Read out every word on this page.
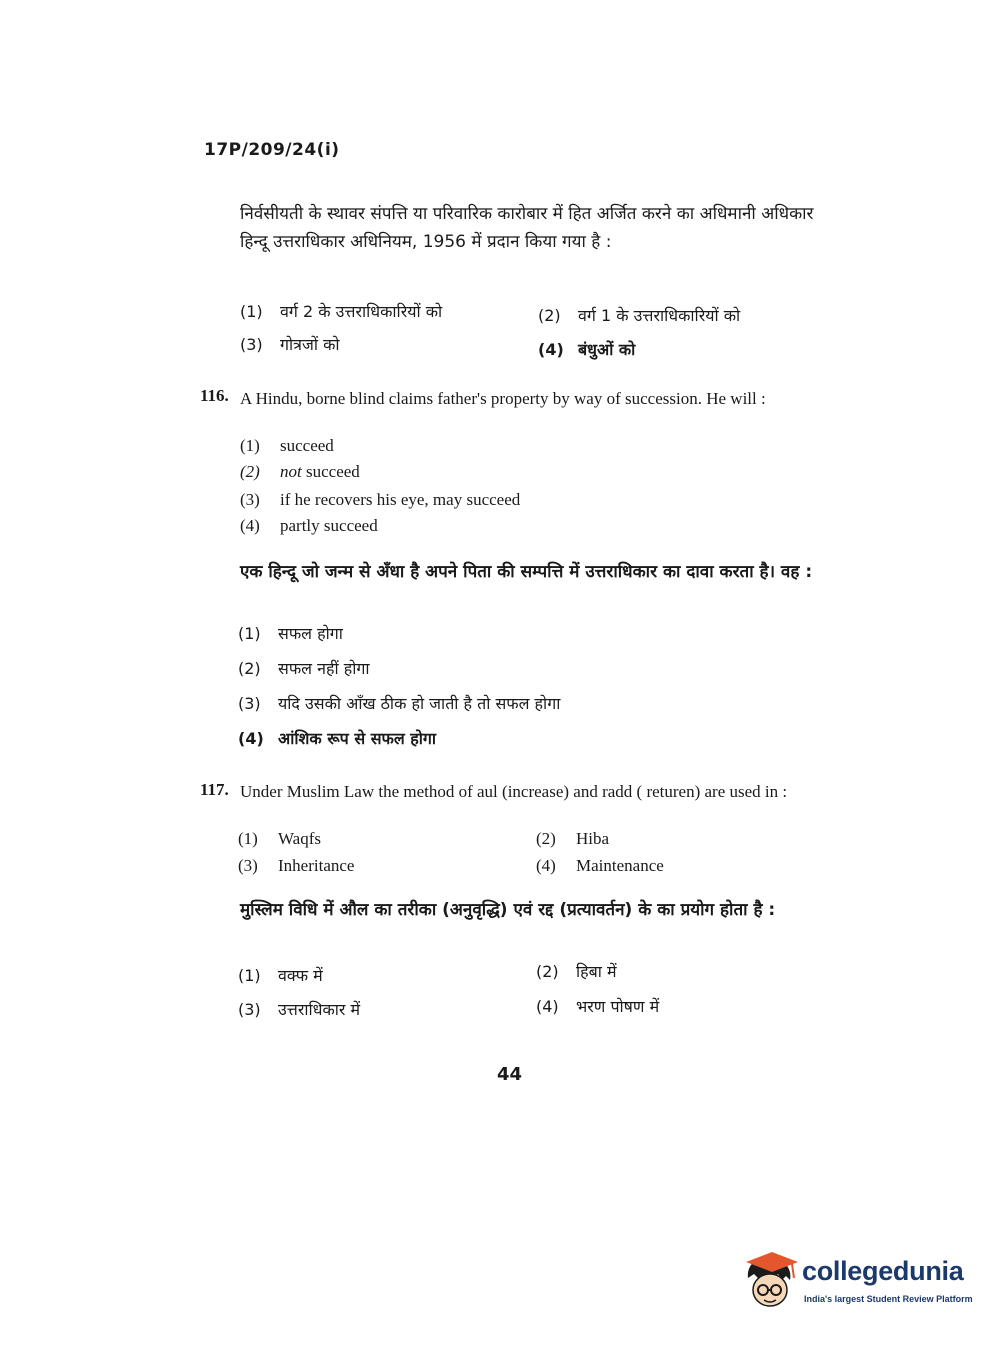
17P/209/24(i)
निर्वसीयती के स्थावर संपत्ति या परिवारिक कारोबार में हित अर्जित करने का अधिमानी अधिकार हिन्दू उत्तराधिकार अधिनियम, 1956 में प्रदान किया गया है :
(1) वर्ग 2 के उत्तराधिकारियों को	(2) वर्ग 1 के उत्तराधिकारियों को
(3) गोत्रजों को	(4) बंधुओं को
116. A Hindu, borne blind claims father's property by way of succession. He will :
(1) succeed
(2) not succeed
(3) if he recovers his eye, may succeed
(4) partly succeed
एक हिन्दू जो जन्म से अँधा है अपने पिता की सम्पत्ति में उत्तराधिकार का दावा करता है। वह :
(1) सफल होगा
(2) सफल नहीं होगा
(3) यदि उसकी आँख ठीक हो जाती है तो सफल होगा
(4) आंशिक रूप से सफल होगा
117. Under Muslim Law the method of aul (increase) and radd ( returen) are used in :
(1) Waqfs	(2) Hiba
(3) Inheritance	(4) Maintenance
मुस्लिम विधि में औल का तरीका (अनुवृद्धि) एवं रद्द (प्रत्यावर्तन) के का प्रयोग होता है :
(1) वक्फ में	(2) हिबा में
(3) उत्तराधिकार में	(4) भरण पोषण में
44
collegedunia
India's largest Student Review Platform
